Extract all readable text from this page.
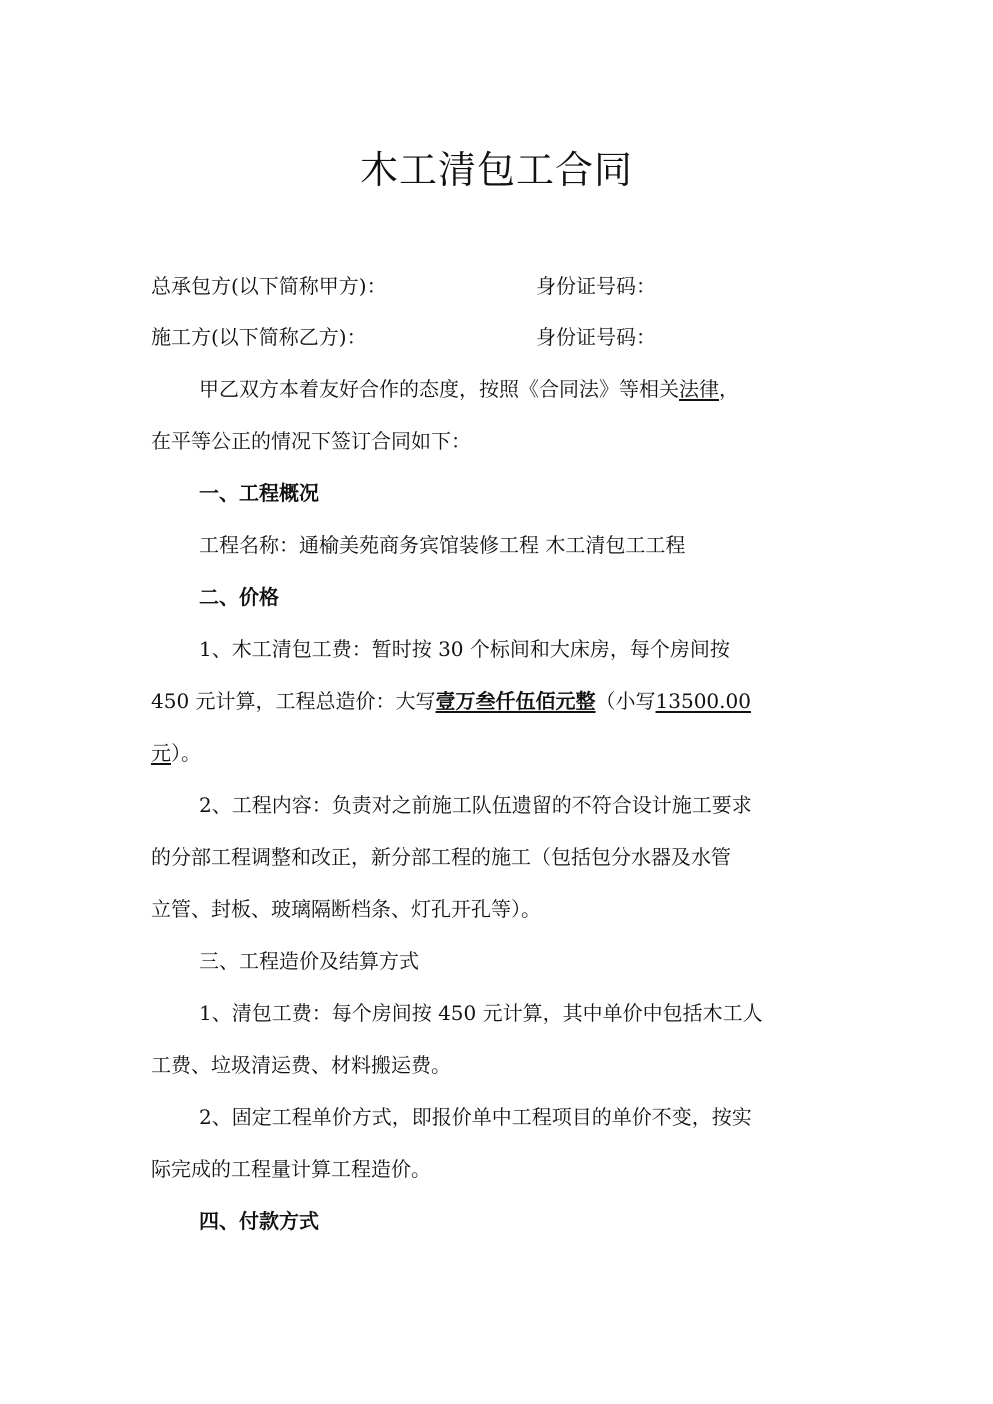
木工清包工合同
总承包方(以下简称甲方)：	身份证号码：
施工方(以下简称乙方)：	身份证号码：
甲乙双方本着友好合作的态度，按照《合同法》等相关法律，
在平等公正的情况下签订合同如下：
一、工程概况
工程名称：通榆美苑商务宾馆装修工程 木工清包工工程
二、价格
1、木工清包工费：暂时按 30 个标间和大床房，每个房间按
450 元计算，工程总造价：大写壹万叁仟伍佰元整（小写13500.00
元）。
2、工程内容：负责对之前施工队伍遗留的不符合设计施工要求
的分部工程调整和改正，新分部工程的施工（包括包分水器及水管
立管、封板、玻璃隔断档条、灯孔开孔等）。
三、工程造价及结算方式
1、清包工费：每个房间按 450 元计算，其中单价中包括木工人
工费、垃圾清运费、材料搬运费。
2、固定工程单价方式，即报价单中工程项目的单价不变，按实
际完成的工程量计算工程造价。
四、付款方式
